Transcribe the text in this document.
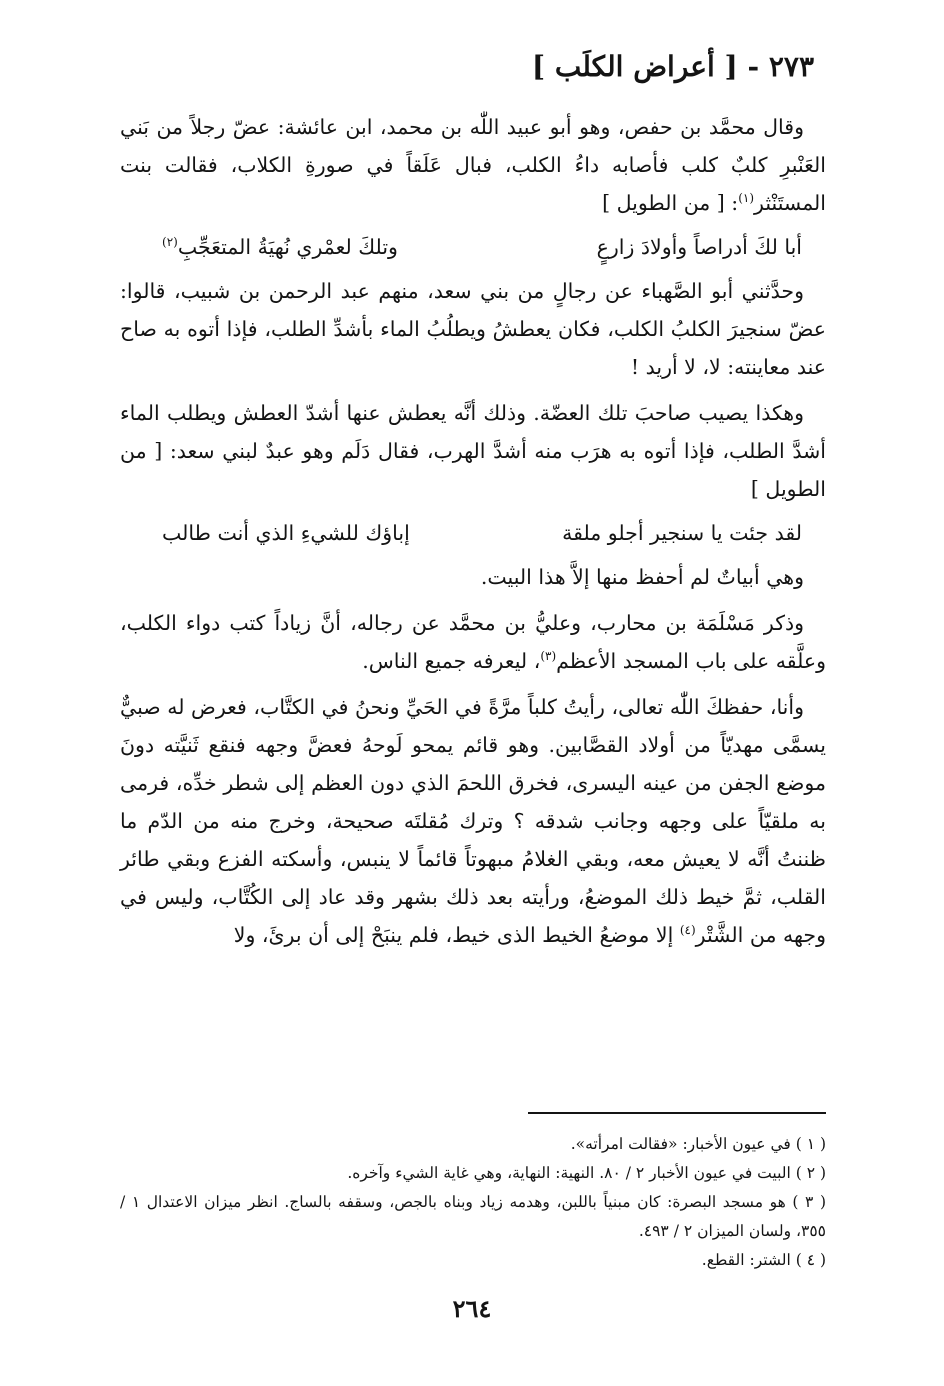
٢٧٣ - [ أعراض الكلَب ]

وقال محمَّد بن حفص، وهو أبو عبيد اللّٰه بن محمد، ابن عائشة: عضّ رجلاً من بَني العَنْبرِ كلبٌ كلب فأصابه داءُ الكلب، فبال عَلَقاً في صورةِ الكلاب، فقالت بنت المستَنْثر$^{(١)}$: [ من الطويل ]

أبا لكَ أدراصاً وأولادَ زارعٍ
وتلكَ لعمْري نُهيَةُ المتعَجِّبِ$^{(٢)}$

وحدَّثني أبو الصَّهباء عن رجالٍ من بني سعد، منهم عبد الرحمن بن شبيب، قالوا: عضّ سنجيرَ الكلبُ الكلب، فكان يعطشُ ويطلُبُ الماء بأشدِّ الطلب، فإذا أتوه به صاح عند معاينته: لا، لا أريد !

وهكذا يصيب صاحبَ تلك العضّة. وذلك أنَّه يعطش عنها أشدّ العطش ويطلب الماء أشدَّ الطلب، فإذا أتوه به هرَب منه أشدَّ الهرب، فقال دَلَم وهو عبدٌ لبني سعد: [ من الطويل ]

لقد جئت يا سنجير أجلو ملقة
إباؤك للشيءِ الذي أنت طالب

وهي أبياتٌ لم أحفظ منها إلاَّ هذا البيت.

وذكر مَسْلَمَة بن محارب، وعليُّ بن محمَّد عن رجاله، أنَّ زياداً كتب دواء الكلب، وعلَّقه على باب المسجد الأعظم$^{(٣)}$، ليعرفه جميع الناس.

وأنا، حفظكَ اللّٰه تعالى، رأيتُ كلباً مرَّةً في الحَيِّ ونحنُ في الكتَّاب، فعرض له صبيٌّ يسمَّى مهديّاً من أولاد القصَّابين. وهو قائم يمحو لَوحهُ فعضَّ وجهه فنقع ثَنيَّته دونَ موضع الجفن من عينه اليسرى، فخرق اللحمَ الذي دون العظم إلى شطر خدِّه، فرمى به ملقيّاً على وجهه وجانب شدقه ؟ وترك مُقلتَه صحيحة، وخرج منه من الدّم ما ظننتُ أنَّه لا يعيش معه، وبقي الغلامُ مبهوتاً قائماً لا ينبس، وأسكته الفزع وبقي طائر القلب، ثمَّ خيط ذلك الموضعُ، ورأيته بعد ذلك بشهر وقد عاد إلى الكُتَّاب، وليس في وجهه من الشَّتْر$^{(٤)}$ إلا موضعُ الخيط الذى خيط، فلم ينبَحْ إلى أن برئَ، ولا

( ١ ) في عيون الأخبار: «فقالت امرأته».

( ٢ ) البيت في عيون الأخبار ٢ / ٨٠. النهية: النهاية، وهي غاية الشيء وآخره.

( ٣ ) هو مسجد البصرة: كان مبنياً باللبن، وهدمه زياد وبناه بالجص، وسقفه بالساج. انظر ميزان الاعتدال ١ / ٣٥٥، ولسان الميزان ٢ / ٤٩٣.

( ٤ ) الشتر: القطع.

٢٦٤
